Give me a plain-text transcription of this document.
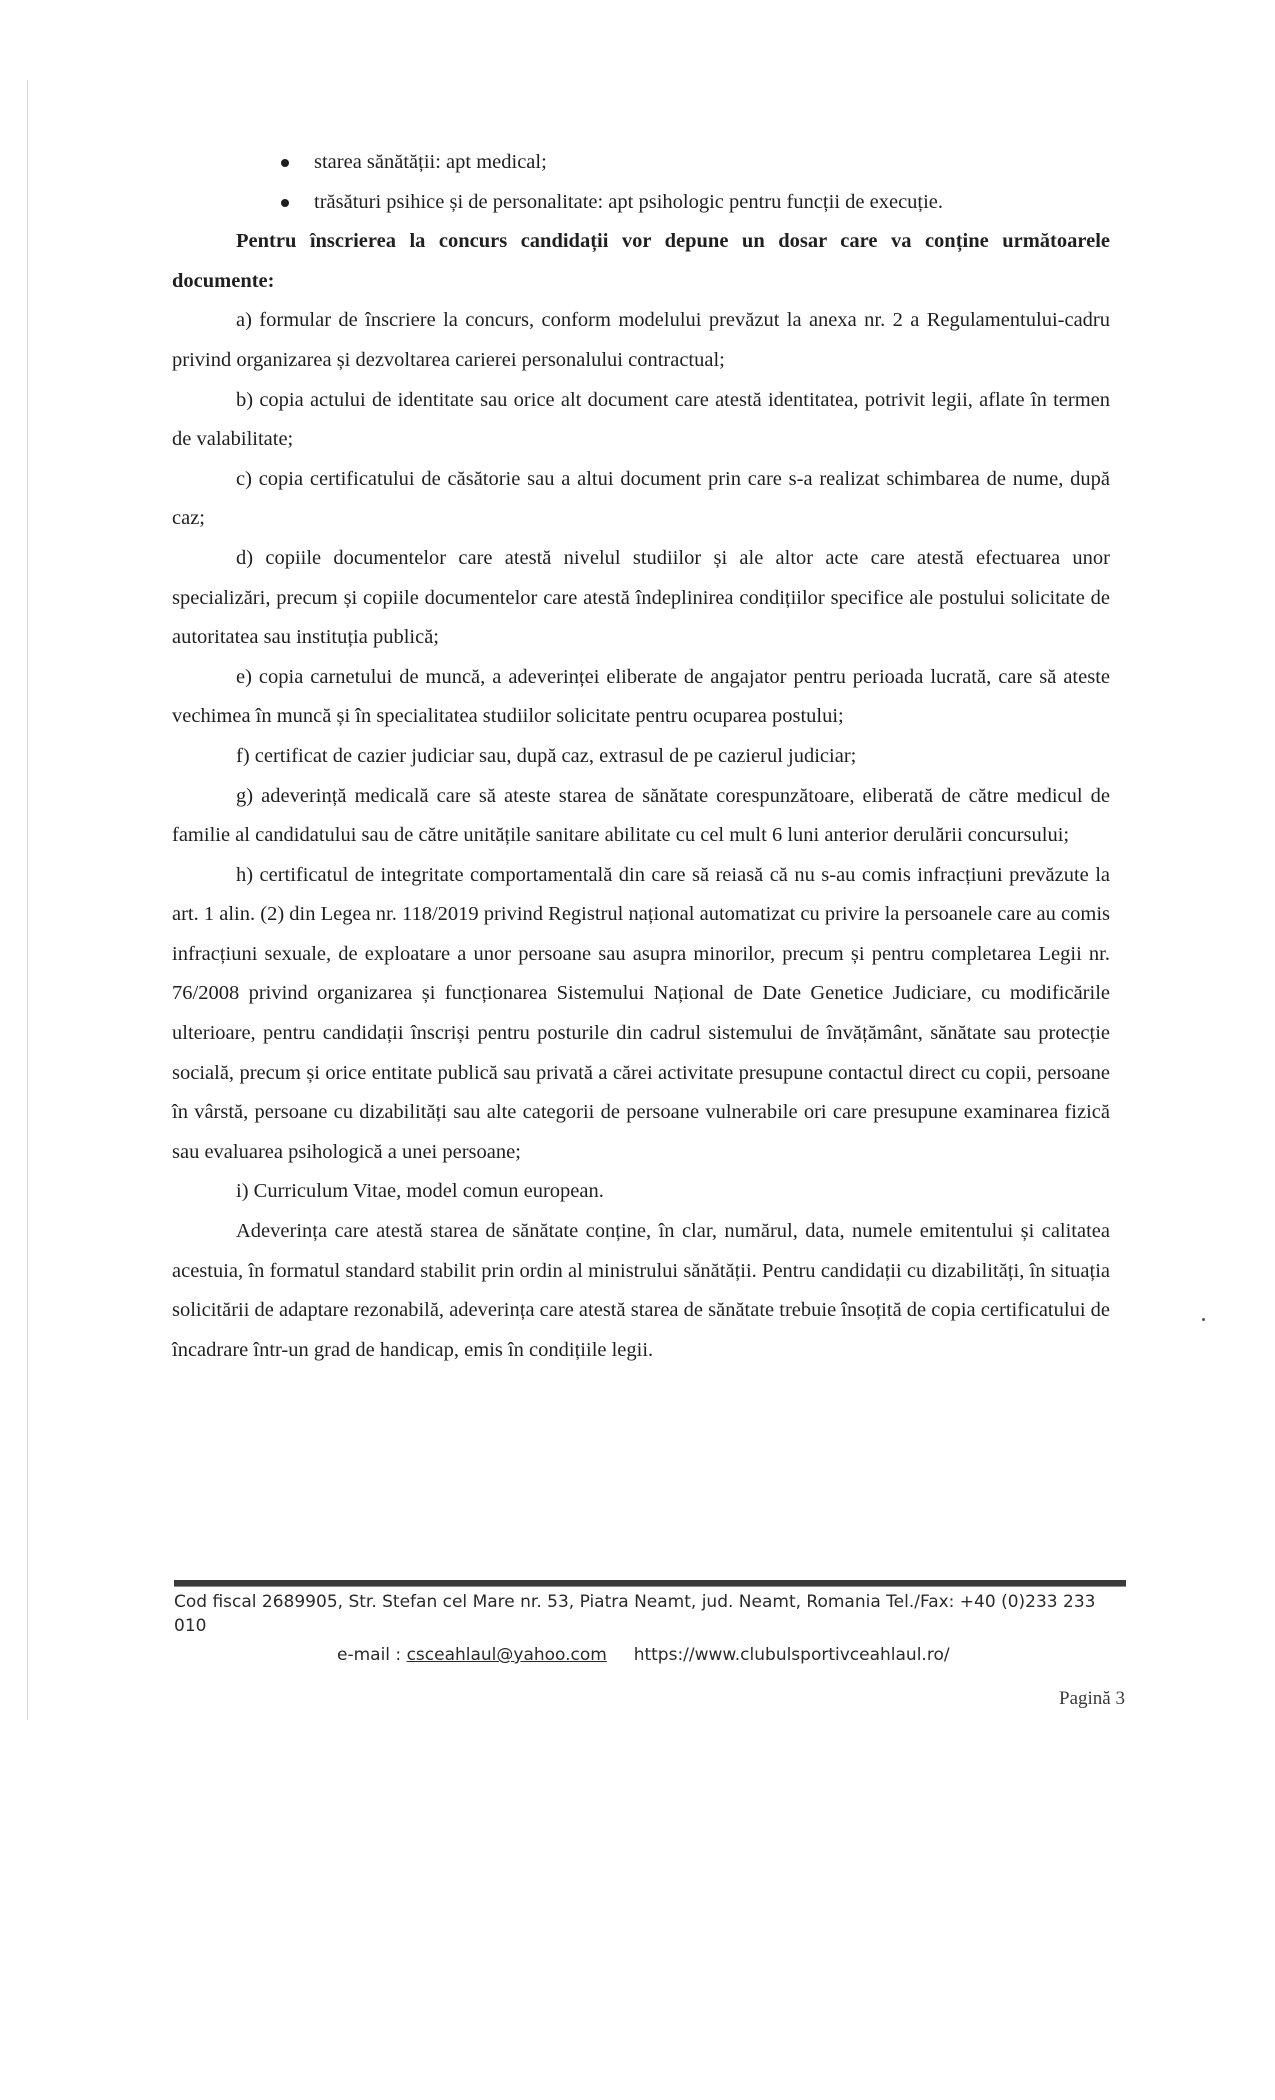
starea sănătății: apt medical;
trăsături psihice și de personalitate: apt psihologic pentru funcții de execuție.

Pentru înscrierea la concurs candidații vor depune un dosar care va conține următoarele documente:

a) formular de înscriere la concurs, conform modelului prevăzut la anexa nr. 2 a Regulamentului-cadru privind organizarea și dezvoltarea carierei personalului contractual;

b) copia actului de identitate sau orice alt document care atestă identitatea, potrivit legii, aflate în termen de valabilitate;

c) copia certificatului de căsătorie sau a altui document prin care s-a realizat schimbarea de nume, după caz;

d) copiile documentelor care atestă nivelul studiilor și ale altor acte care atestă efectuarea unor specializări, precum și copiile documentelor care atestă îndeplinirea condițiilor specifice ale postului solicitate de autoritatea sau instituția publică;

e) copia carnetului de muncă, a adeverinței eliberate de angajator pentru perioada lucrată, care să ateste vechimea în muncă și în specialitatea studiilor solicitate pentru ocuparea postului;

f) certificat de cazier judiciar sau, după caz, extrasul de pe cazierul judiciar;

g) adeverință medicală care să ateste starea de sănătate corespunzătoare, eliberată de către medicul de familie al candidatului sau de către unitățile sanitare abilitate cu cel mult 6 luni anterior derulării concursului;

h) certificatul de integritate comportamentală din care să reiasă că nu s-au comis infracțiuni prevăzute la art. 1 alin. (2) din Legea nr. 118/2019 privind Registrul național automatizat cu privire la persoanele care au comis infracțiuni sexuale, de exploatare a unor persoane sau asupra minorilor, precum și pentru completarea Legii nr. 76/2008 privind organizarea și funcționarea Sistemului Național de Date Genetice Judiciare, cu modificările ulterioare, pentru candidații înscriși pentru posturile din cadrul sistemului de învățământ, sănătate sau protecție socială, precum și orice entitate publică sau privată a cărei activitate presupune contactul direct cu copii, persoane în vârstă, persoane cu dizabilități sau alte categorii de persoane vulnerabile ori care presupune examinarea fizică sau evaluarea psihologică a unei persoane;

i) Curriculum Vitae, model comun european.

Adeverința care atestă starea de sănătate conține, în clar, numărul, data, numele emitentului și calitatea acestuia, în formatul standard stabilit prin ordin al ministrului sănătății. Pentru candidații cu dizabilități, în situația solicitării de adaptare rezonabilă, adeverința care atestă starea de sănătate trebuie însoțită de copia certificatului de încadrare într-un grad de handicap, emis în condițiile legii.

Cod fiscal 2689905, Str. Stefan cel Mare nr. 53, Piatra Neamt, jud. Neamt, Romania Tel./Fax: +40 (0)233 233 010
e-mail : csceahlaul@yahoo.com https://www.clubulsportivceahlaul.ro/
Pagină 3
